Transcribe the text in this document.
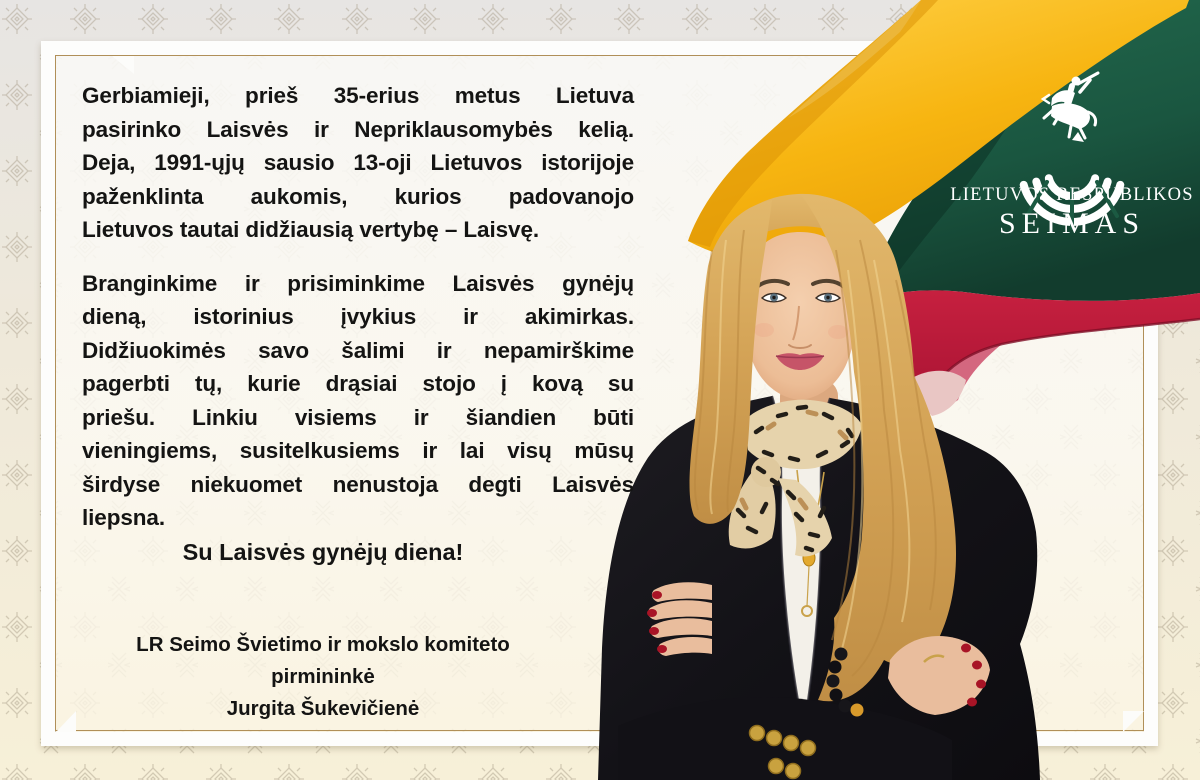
LIETUVOS RESPUBLIKOS
SEIMAS
Gerbiamieji, prieš 35-erius metus Lietuva
pasirinko Laisvės ir Nepriklausomybės kelią.
Deja, 1991-ųjų sausio 13-oji Lietuvos istorijoje
paženklinta aukomis, kurios padovanojo
Lietuvos tautai didžiausią vertybę – Laisvę.
Branginkime ir prisiminkime Laisvės gynėjų
dieną, istorinius įvykius ir akimirkas.
Didžiuokimės savo šalimi ir nepamirškime
pagerbti tų, kurie drąsiai stojo į kovą su
priešu. Linkiu visiems ir šiandien būti
vieningiems, susitelkusiems ir lai visų mūsų
širdyse niekuomet nenustoja degti Laisvės
liepsna.
Su Laisvės gynėjų diena!
LR Seimo Švietimo ir mokslo komiteto pirmininkė
Jurgita Šukevičienė
